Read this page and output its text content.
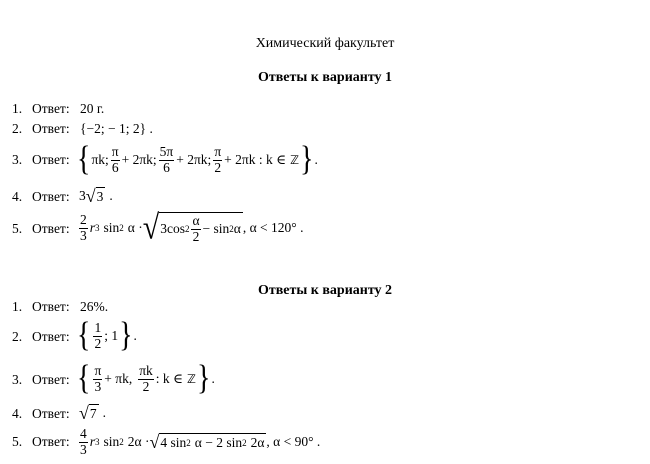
Химический факультет
Ответы к варианту 1
1. Ответ: 20 г.
2. Ответ: {−2; − 1; 2} .
3. Ответ: { πk; $\frac{\pi}{6} + 2\pi k$; $\frac{5\pi}{6} + 2\pi k$; $\frac{\pi}{2} + 2\pi k$ : k ∈ ℤ } .
4. Ответ: 3 √ 3 .
5. Ответ: $\frac{2}{3}$ r 3 sin 2 α · √ 3cos $2 \frac{\alpha}{2} - \sin 2$ α , α < 120° .
Ответы к варианту 2
1. Ответ: 26%.
2. Ответ: { $\frac{1}{2}$ ; 1 } .
3. Ответ: { $\frac{\pi}{3} + \pi k$, $\frac{\pi k}{2}$ : k ∈ ℤ } .
4. Ответ: √ 7 .
5. Ответ: $\frac{4}{3}$ r 3 sin 2 2α · √ 4 sin 2 α − 2 sin 2 2α , α < 90° .
